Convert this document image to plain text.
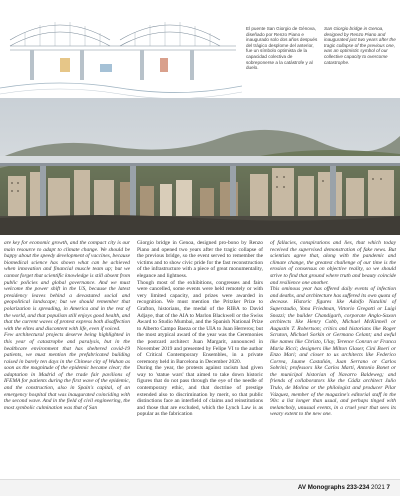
El puente San Giorgio de Génova, diseñado por Renzo Piano e inaugurado solo dos años después del trágico desplome del anterior, fue un símbolo optimista de la capacidad colectiva de sobreponerse a la catástrofe y al duelo.
San Giorgio bridge in Genoa, designed by Renzo Piano and inaugurated just two years after the tragic collapse of the previous one, was an optimistic symbol of our collective capacity to overcome catastrophe.
are key for economic growth, and the compact city is our main resource to adapt to climate change. We should be happy about the speedy development of vaccines, because biomedical science has shown what can be achieved when innovation and financial muscle team up; but we cannot forget that scientific knowledge is still absent from public policies and global governance. And we must welcome the power shift in the US, because the latest presidency leaves behind a devastated social and geopolitical landscape; but we should remember that polarization is spreading, in America and in the rest of the world, and that populism still enjoys good health, and that the current waves of protest express both disaffection with the elites and discontent with life, even if voiced.
Few architectural projects deserve being highlighted in this year of catastrophe and paralysis, but in the healthcare environment that has sheltered covid-19 patients, we must mention the prefabricated building raised in barely ten days in the Chinese city of Wuhan as soon as the magnitude of the epidemic became clear; the adaptation in Madrid of the trade fair pavilions of IFEMA for patients during the first wave of the epidemic, and the construction, also in Spain's capital, of an emergency hospital that was inaugurated coinciding with the second wave. And in the field of civil engineering, the most symbolic culmination was that of San
Giorgio bridge in Genoa, designed pro-bono by Renzo Piano and opened two years after the tragic collapse of the previous bridge, so the event served to remember the victims and to show civic pride for the fast reconstruction of the infrastructure with a piece of great monumentality, elegance and lightness.
Though most of the exhibitions, congresses and fairs were cancelled, some events were held remotely or with very limited capacity, and prizes were awarded in recognition. We must mention the Pritzker Prize to Grafton, historians, the medal of the RIBA to David Adjaye, that of the AIA to Marlon Blackwell or the Swiss Award to Studio Mumbai, and the Spanish National Prize to Alberto Campo Baeza or the UIA to Juan Herreros; but the most atypical award of the year was the Ceremonies the postcard architect Juan Margarit, announced in November 2019 and presented by Felipe VI to the author of Critical Contemporary Ensembles, in a private ceremony held in Barcelona in December 2020.
During the year, the protests against racism had given way to 'statue wars' that aimed to take down historic figures that do not pass through the eye of the needle of contemporary ethic, and that doctrine of prestige extended also to discrimination by merit, so that public distinctions face an interfield of claims and reinstitutions and those that are excluded, which the Lynch Law is as popular as the fabrication
of fallacies, conspirations and lies, that which today received the supervised demonstration of fake news. But scientists agree that, along with the pandemic and climate change, the greatest challenge of our time is the erosion of consensus on objective reality, so we should strive to find that ground where truth and beauty coincide and resilience one another.
This ominous year has offered daily events of infection and deaths, and architecture has suffered its own quota of decease. Historic figures like Adolfo Natalini of Superstudio, Yona Friedman, Vittorio Gregotti or Luigi Snozzi; the builder Chandigarh, corporate Anglo-Saxon architects like Henry Cobb, Michael McKinnell or Augustin T. Robertson; critics and historians like Roger Scruton, Michael Sorkin or Germano Celant; and awful like names like Christo, Ulay, Terence Conran or Franca Maria Ricci; designers like Milton Glaser, Cini Boeri or Enzo Mari; and closer to us architects like Federico Correa, Jaume Castañón, Juan Serrano or Carlos Sobrini; professors like Carlos Martí, Antonio Bonet or the municipal historian of Navarro Baldeweg; and friends of collaborators like the Cádiz architect Julio Trulo, de Molina or the philologist and producer Pilar Vázquez, member of the magazine's editorial staff in the 90s: a list longer than usual, and perhaps tinged with melancholy, unusual events, in a cruel year that sees its weary extent to the new one.
AV Monographs 233-234 2021 7
